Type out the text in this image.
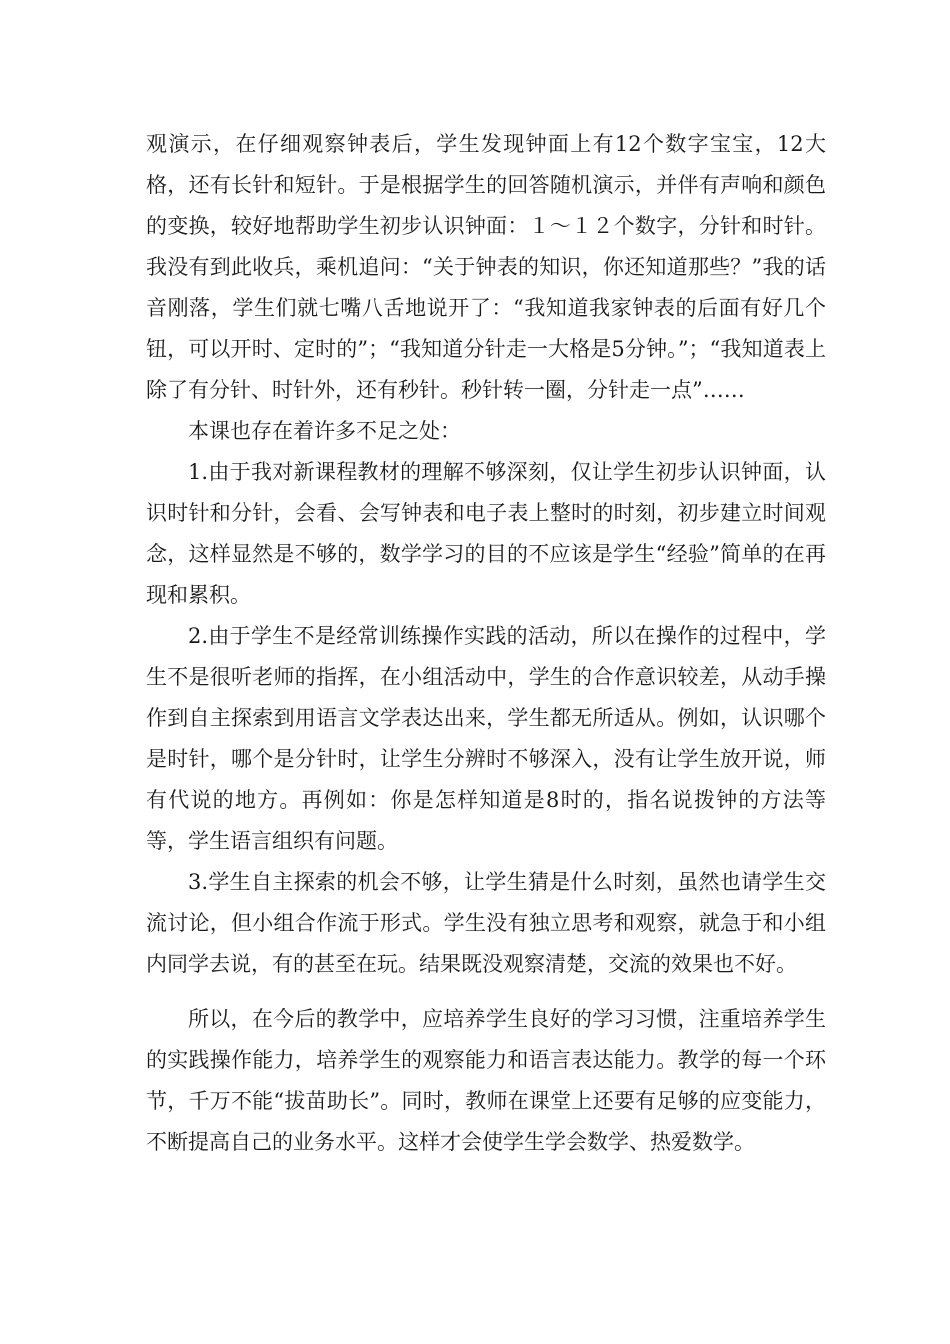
观演示，在仔细观察钟表后，学生发现钟面上有12个数字宝宝，12大格，还有长针和短针。于是根据学生的回答随机演示，并伴有声响和颜色的变换，较好地帮助学生初步认识钟面：１～１２个数字，分针和时针。我没有到此收兵，乘机追问：“关于钟表的知识，你还知道那些？”我的话音刚落，学生们就七嘴八舌地说开了：“我知道我家钟表的后面有好几个钮，可以开时、定时的”；“我知道分针走一大格是5分钟。”；“我知道表上除了有分针、时针外，还有秒针。秒针转一圈，分针走一点”……

本课也存在着许多不足之处：

1.由于我对新课程教材的理解不够深刻，仅让学生初步认识钟面，认识时针和分针，会看、会写钟表和电子表上整时的时刻，初步建立时间观念，这样显然是不够的，数学学习的目的不应该是学生“经验”简单的在再现和累积。

2.由于学生不是经常训练操作实践的活动，所以在操作的过程中，学生不是很听老师的指挥，在小组活动中，学生的合作意识较差，从动手操作到自主探索到用语言文学表达出来，学生都无所适从。例如，认识哪个是时针，哪个是分针时，让学生分辨时不够深入，没有让学生放开说，师有代说的地方。再例如：你是怎样知道是8时的，指名说拨钟的方法等等，学生语言组织有问题。

3.学生自主探索的机会不够，让学生猜是什么时刻，虽然也请学生交流讨论，但小组合作流于形式。学生没有独立思考和观察，就急于和小组内同学去说，有的甚至在玩。结果既没观察清楚，交流的效果也不好。

所以，在今后的教学中，应培养学生良好的学习习惯，注重培养学生的实践操作能力，培养学生的观察能力和语言表达能力。教学的每一个环节，千万不能“拔苗助长”。同时，教师在课堂上还要有足够的应变能力，不断提高自己的业务水平。这样才会使学生学会数学、热爱数学。
